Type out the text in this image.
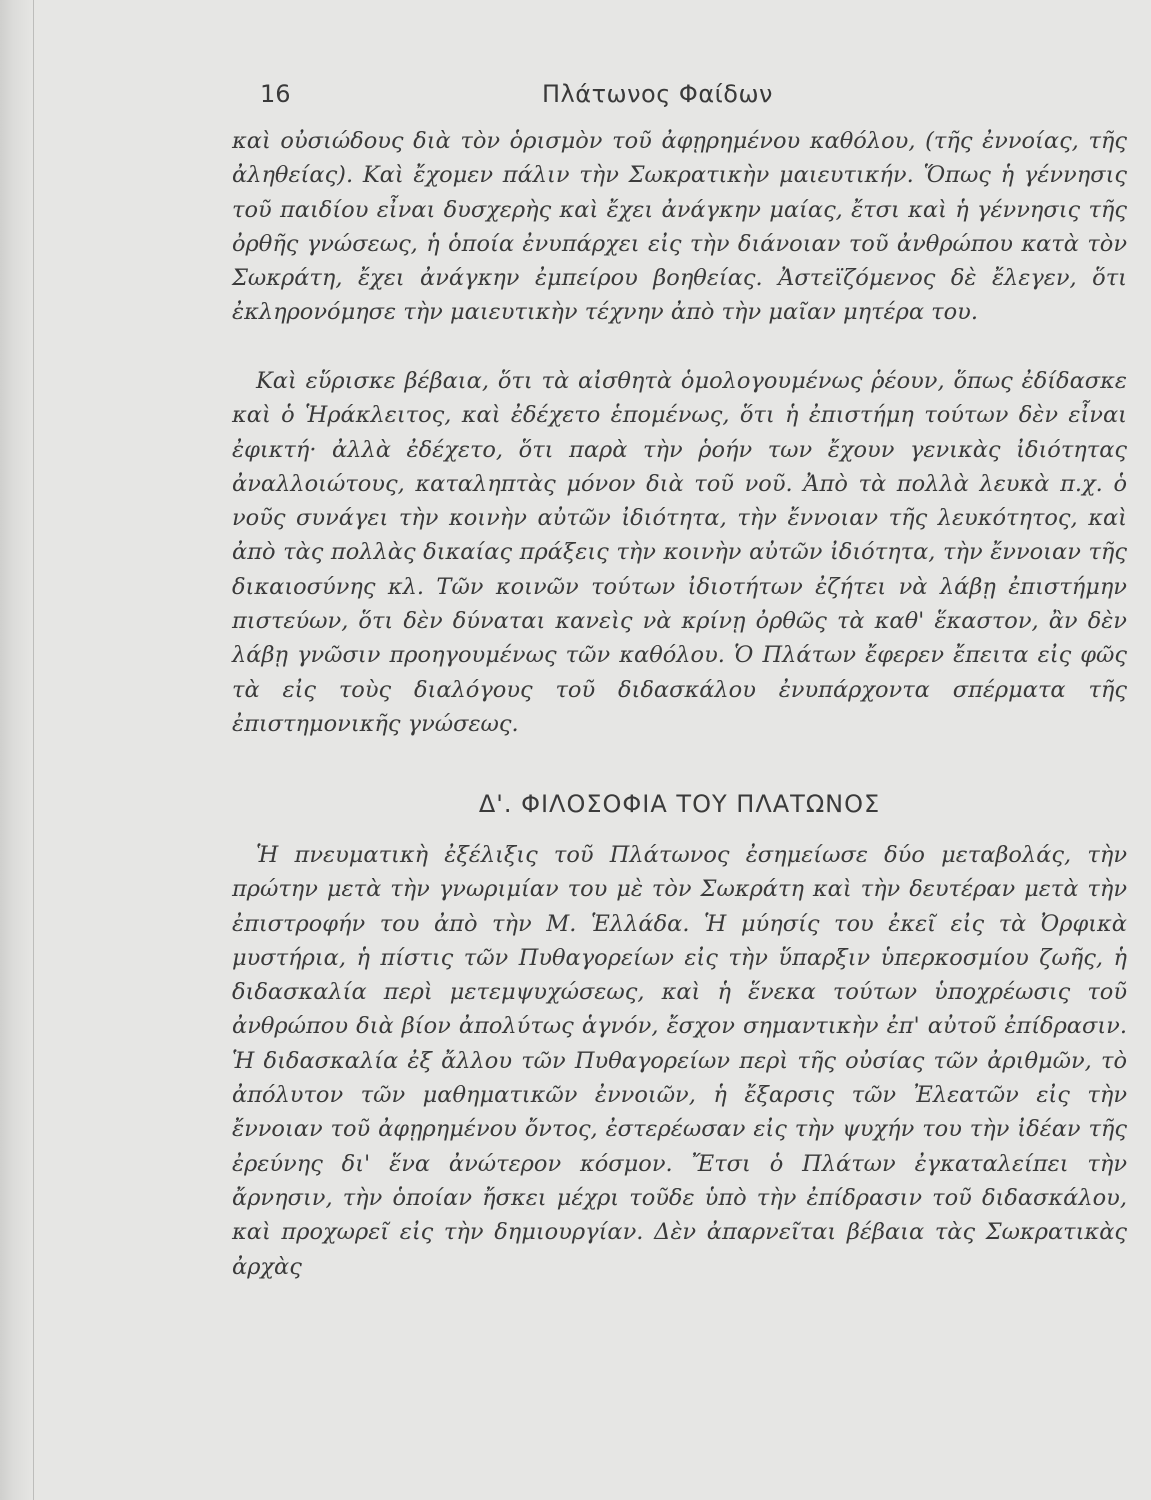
16	Πλάτωνος Φαίδων

καὶ οὐσιώδους διὰ τὸν ὁρισμὸν τοῦ ἀφῃρημένου καθόλου, (τῆς ἐννοίας, τῆς ἀληθείας). Καὶ ἔχομεν πάλιν τὴν Σωκρατικὴν μαιευτικήν. Ὅπως ἡ γέννησις τοῦ παιδίου εἶναι δυσχερὴς καὶ ἔχει ἀνάγκην μαίας, ἔτσι καὶ ἡ γέννησις τῆς ὀρθῆς γνώσεως, ἡ ὁποία ἐνυπάρχει εἰς τὴν διάνοιαν τοῦ ἀνθρώπου κατὰ τὸν Σωκράτη, ἔχει ἀνάγκην ἐμπείρου βοηθείας. Ἀστεϊζόμενος δὲ ἔλεγεν, ὅτι ἐκληρονόμησε τὴν μαιευτικὴν τέχνην ἀπὸ τὴν μαῖαν μητέρα του.

Καὶ εὕρισκε βέβαια, ὅτι τὰ αἰσθητὰ ὁμολογουμένως ῥέουν, ὅπως ἐδίδασκε καὶ ὁ Ἡράκλειτος, καὶ ἐδέχετο ἑπομένως, ὅτι ἡ ἐπιστήμη τούτων δὲν εἶναι ἐφικτή· ἀλλὰ ἐδέχετο, ὅτι παρὰ τὴν ῥοήν των ἔχουν γενικὰς ἰδιότητας ἀναλλοιώτους, καταληπτὰς μόνον διὰ τοῦ νοῦ. Ἀπὸ τὰ πολλὰ λευκὰ π.χ. ὁ νοῦς συνάγει τὴν κοινὴν αὐτῶν ἰδιότητα, τὴν ἔννοιαν τῆς λευκότητος, καὶ ἀπὸ τὰς πολλὰς δικαίας πράξεις τὴν κοινὴν αὐτῶν ἰδιότητα, τὴν ἔννοιαν τῆς δικαιοσύνης κλ. Τῶν κοινῶν τούτων ἰδιοτήτων ἐζήτει νὰ λάβῃ ἐπιστήμην πιστεύων, ὅτι δὲν δύναται κανεὶς νὰ κρίνῃ ὀρθῶς τὰ καθ' ἕκαστον, ἂν δὲν λάβῃ γνῶσιν προηγουμένως τῶν καθόλου. Ὁ Πλάτων ἔφερεν ἔπειτα εἰς φῶς τὰ εἰς τοὺς διαλόγους τοῦ διδασκάλου ἐνυπάρχοντα σπέρματα τῆς ἐπιστημονικῆς γνώσεως.

Δ'. ΦΙΛΟΣΟΦΙΑ ΤΟΥ ΠΛΑΤΩΝΟΣ

Ἡ πνευματικὴ ἐξέλιξις τοῦ Πλάτωνος ἐσημείωσε δύο μεταβολάς, τὴν πρώτην μετὰ τὴν γνωριμίαν του μὲ τὸν Σωκράτη καὶ τὴν δευτέραν μετὰ τὴν ἐπιστροφήν του ἀπὸ τὴν Μ. Ἑλλάδα. Ἡ μύησίς του ἐκεῖ εἰς τὰ Ὀρφικὰ μυστήρια, ἡ πίστις τῶν Πυθαγορείων εἰς τὴν ὕπαρξιν ὑπερκοσμίου ζωῆς, ἡ διδασκαλία περὶ μετεμψυχώσεως, καὶ ἡ ἕνεκα τούτων ὑποχρέωσις τοῦ ἀνθρώπου διὰ βίον ἀπολύτως ἁγνόν, ἔσχον σημαντικὴν ἐπ' αὐτοῦ ἐπίδρασιν. Ἡ διδασκαλία ἐξ ἄλλου τῶν Πυθαγορείων περὶ τῆς οὐσίας τῶν ἀριθμῶν, τὸ ἀπόλυτον τῶν μαθηματικῶν ἐννοιῶν, ἡ ἔξαρσις τῶν Ἐλεατῶν εἰς τὴν ἔννοιαν τοῦ ἀφῃρημένου ὄντος, ἐστερέωσαν εἰς τὴν ψυχήν του τὴν ἰδέαν τῆς ἐρεύνης δι' ἕνα ἀνώτερον κόσμον. Ἔτσι ὁ Πλάτων ἐγκαταλείπει τὴν ἄρνησιν, τὴν ὁποίαν ἤσκει μέχρι τοῦδε ὑπὸ τὴν ἐπίδρασιν τοῦ διδασκάλου, καὶ προχωρεῖ εἰς τὴν δημιουργίαν. Δὲν ἀπαρνεῖται βέβαια τὰς Σωκρατικὰς ἀρχὰς
